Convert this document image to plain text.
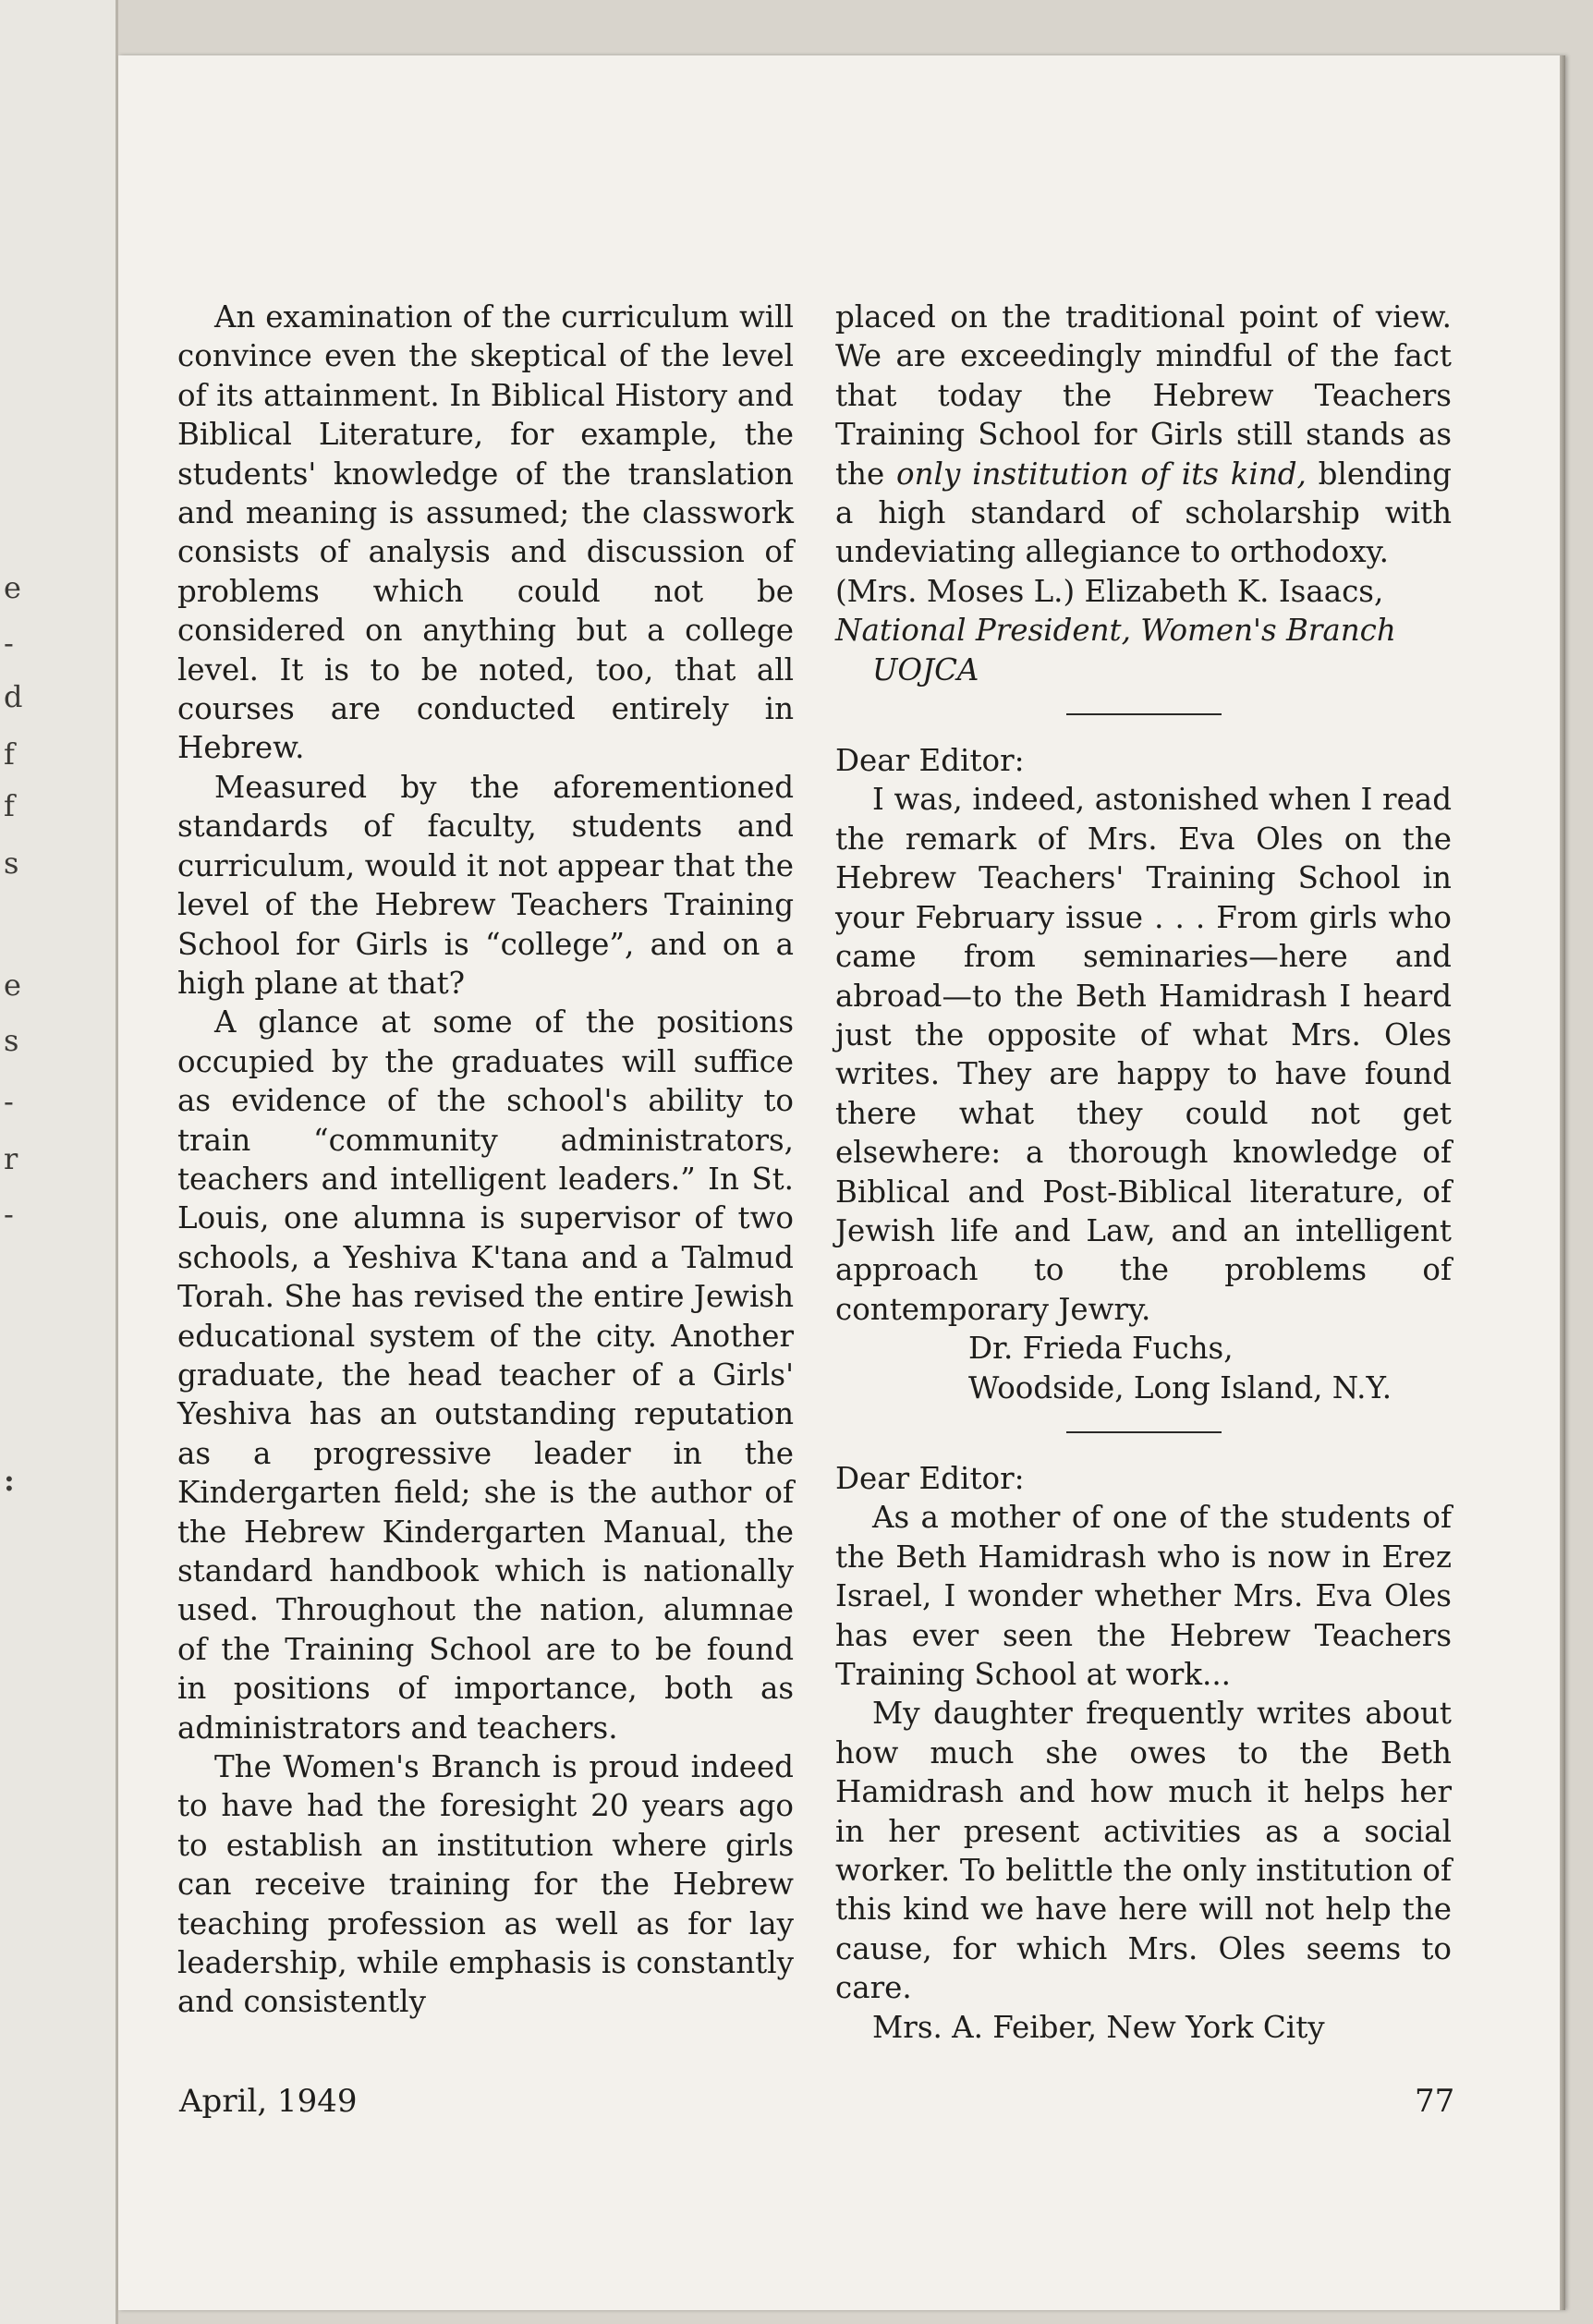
e
-
d
f
f
s
e
s
-
r
-
:

An examination of the curriculum will convince even the skeptical of the level of its attainment. In Biblical History and Biblical Literature, for example, the students' knowledge of the translation and meaning is assumed; the classwork consists of analysis and discussion of problems which could not be considered on anything but a college level. It is to be noted, too, that all courses are conducted entirely in Hebrew.

Measured by the aforementioned standards of faculty, students and curriculum, would it not appear that the level of the Hebrew Teachers Training School for Girls is “college”, and on a high plane at that?

A glance at some of the positions occupied by the graduates will suffice as evidence of the school's ability to train “community administrators, teachers and intelligent leaders.” In St. Louis, one alumna is supervisor of two schools, a Yeshiva K'tana and a Talmud Torah. She has revised the entire Jewish educational system of the city. Another graduate, the head teacher of a Girls' Yeshiva has an outstanding reputation as a progressive leader in the Kindergarten field; she is the author of the Hebrew Kindergarten Manual, the standard handbook which is nationally used. Throughout the nation, alumnae of the Training School are to be found in positions of importance, both as administrators and teachers.

The Women's Branch is proud indeed to have had the foresight 20 years ago to establish an institution where girls can receive training for the Hebrew teaching profession as well as for lay leadership, while emphasis is constantly and consistently

placed on the traditional point of view. We are exceedingly mindful of the fact that today the Hebrew Teachers Training School for Girls still stands as the only institution of its kind, blending a high standard of scholarship with undeviating allegiance to orthodoxy.

(Mrs. Moses L.) Elizabeth K. Isaacs,

National President, Women's Branch

UOJCA

Dear Editor:

I was, indeed, astonished when I read the remark of Mrs. Eva Oles on the Hebrew Teachers' Training School in your February issue . . . From girls who came from seminaries—here and abroad—to the Beth Hamidrash I heard just the opposite of what Mrs. Oles writes. They are happy to have found there what they could not get elsewhere: a thorough knowledge of Biblical and Post-Biblical literature, of Jewish life and Law, and an intelligent approach to the problems of contemporary Jewry.

Dr. Frieda Fuchs,

Woodside, Long Island, N.Y.

Dear Editor:

As a mother of one of the students of the Beth Hamidrash who is now in Erez Israel, I wonder whether Mrs. Eva Oles has ever seen the Hebrew Teachers Training School at work...

My daughter frequently writes about how much she owes to the Beth Hamidrash and how much it helps her in her present activities as a social worker. To belittle the only institution of this kind we have here will not help the cause, for which Mrs. Oles seems to care.

Mrs. A. Feiber, New York City

April, 1949	77
